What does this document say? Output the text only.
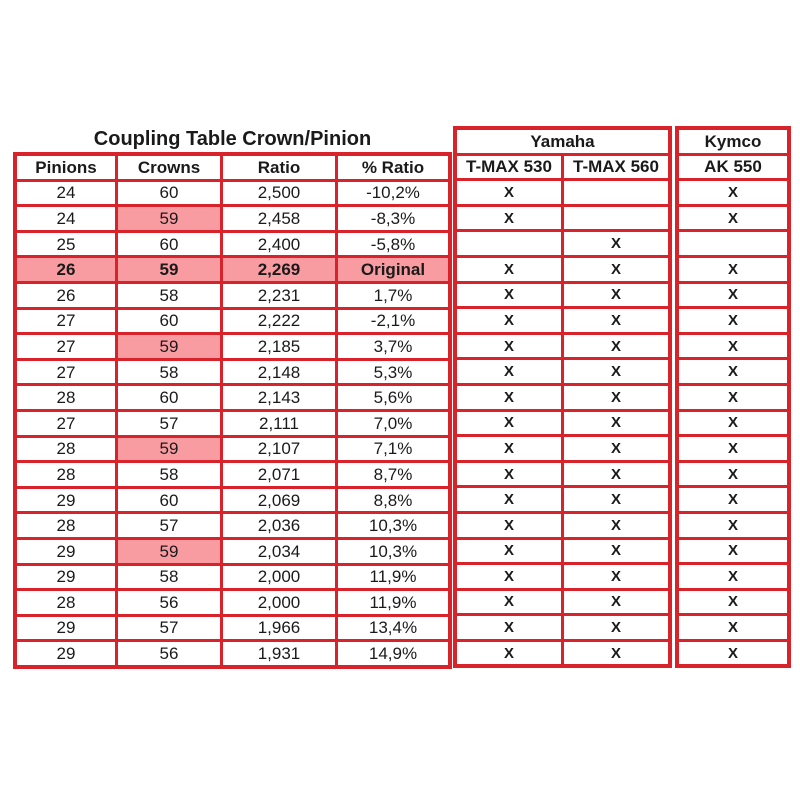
Coupling Table Crown/Pinion
Pinions	Crowns	Ratio	% Ratio
24	60	2,500	-10,2%
24	59	2,458	-8,3%
25	60	2,400	-5,8%
26	59	2,269	Original
26	58	2,231	1,7%
27	60	2,222	-2,1%
27	59	2,185	3,7%
27	58	2,148	5,3%
28	60	2,143	5,6%
27	57	2,111	7,0%
28	59	2,107	7,1%
28	58	2,071	8,7%
29	60	2,069	8,8%
28	57	2,036	10,3%
29	59	2,034	10,3%
29	58	2,000	11,9%
28	56	2,000	11,9%
29	57	1,966	13,4%
29	56	1,931	14,9%
Yamaha	
T-MAX 530	T-MAX 560
X	
X	
	X
X	X
X	X
X	X
X	X
X	X
X	X
X	X
X	X
X	X
X	X
X	X
X	X
X	X
X	X
X	X
X	X
Kymco
AK 550
X
X

X
X
X
X
X
X
X
X
X
X
X
X
X
X
X
X
